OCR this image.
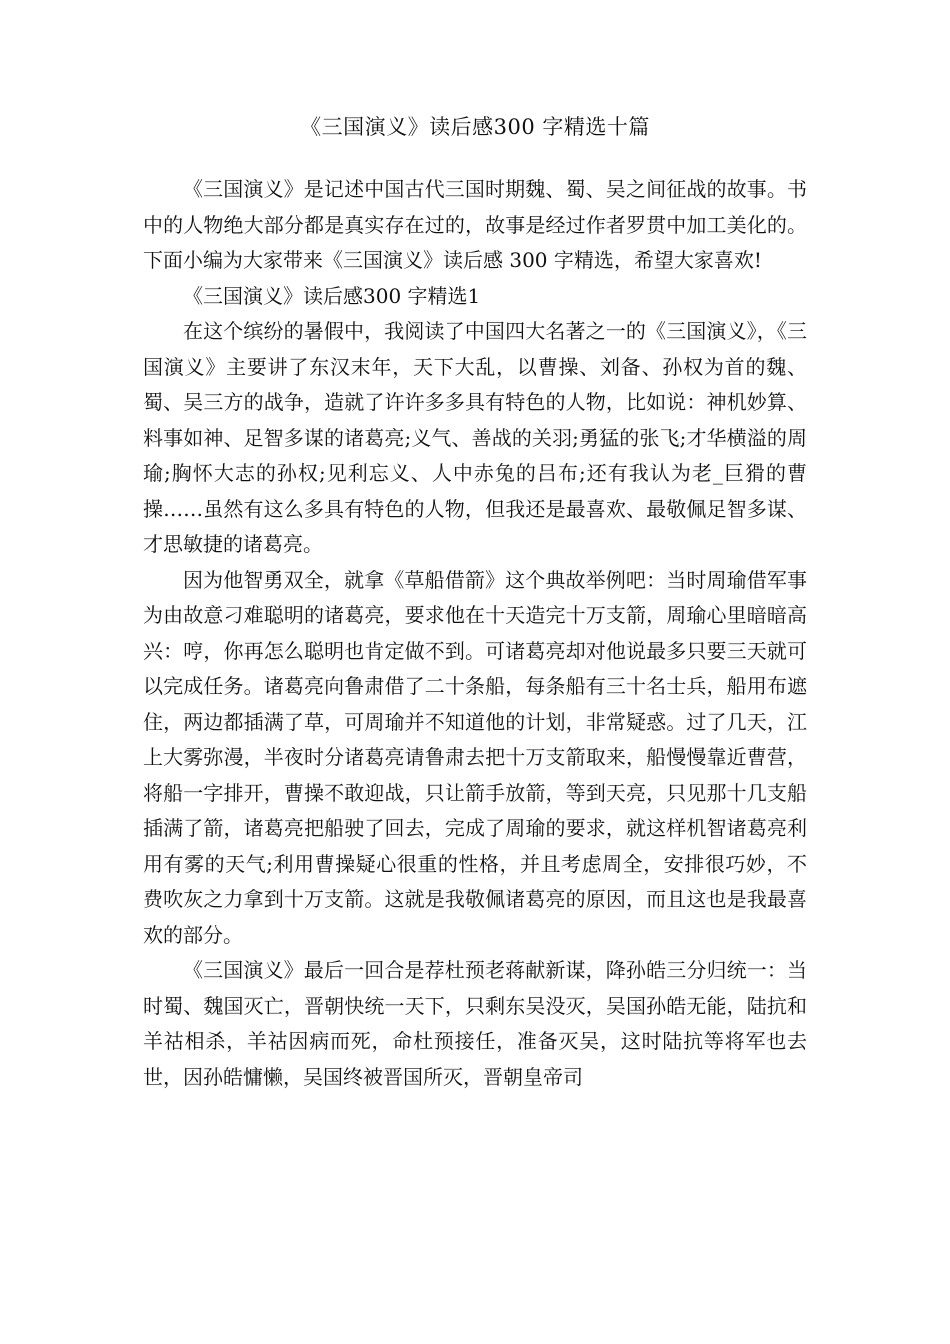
《三国演义》读后感300 字精选十篇

《三国演义》是记述中国古代三国时期魏、蜀、吴之间征战的故事。书中的人物绝大部分都是真实存在过的，故事是经过作者罗贯中加工美化的。下面小编为大家带来《三国演义》读后感 300 字精选，希望大家喜欢!

《三国演义》读后感300 字精选1

在这个缤纷的暑假中，我阅读了中国四大名著之一的《三国演义》，《三国演义》主要讲了东汉末年，天下大乱，以曹操、刘备、孙权为首的魏、蜀、吴三方的战争，造就了许许多多具有特色的人物，比如说：神机妙算、料事如神、足智多谋的诸葛亮;义气、善战的关羽;勇猛的张飞;才华横溢的周瑜;胸怀大志的孙权;见利忘义、人中赤兔的吕布;还有我认为老_巨猾的曹操……虽然有这么多具有特色的人物，但我还是最喜欢、最敬佩足智多谋、才思敏捷的诸葛亮。

因为他智勇双全，就拿《草船借箭》这个典故举例吧：当时周瑜借军事为由故意刁难聪明的诸葛亮，要求他在十天造完十万支箭，周瑜心里暗暗高兴：哼，你再怎么聪明也肯定做不到。可诸葛亮却对他说最多只要三天就可以完成任务。诸葛亮向鲁肃借了二十条船，每条船有三十名士兵，船用布遮住，两边都插满了草，可周瑜并不知道他的计划，非常疑惑。过了几天，江上大雾弥漫，半夜时分诸葛亮请鲁肃去把十万支箭取来，船慢慢靠近曹营，将船一字排开，曹操不敢迎战，只让箭手放箭，等到天亮，只见那十几支船插满了箭，诸葛亮把船驶了回去，完成了周瑜的要求，就这样机智诸葛亮利用有雾的天气;利用曹操疑心很重的性格，并且考虑周全，安排很巧妙，不费吹灰之力拿到十万支箭。这就是我敬佩诸葛亮的原因，而且这也是我最喜欢的部分。

《三国演义》最后一回合是荐杜预老蒋献新谋，降孙皓三分归统一：当时蜀、魏国灭亡，晋朝快统一天下，只剩东吴没灭，吴国孙皓无能，陆抗和羊祜相杀，羊祜因病而死，命杜预接任，准备灭吴，这时陆抗等将军也去世，因孙皓慵懒，吴国终被晋国所灭，晋朝皇帝司
